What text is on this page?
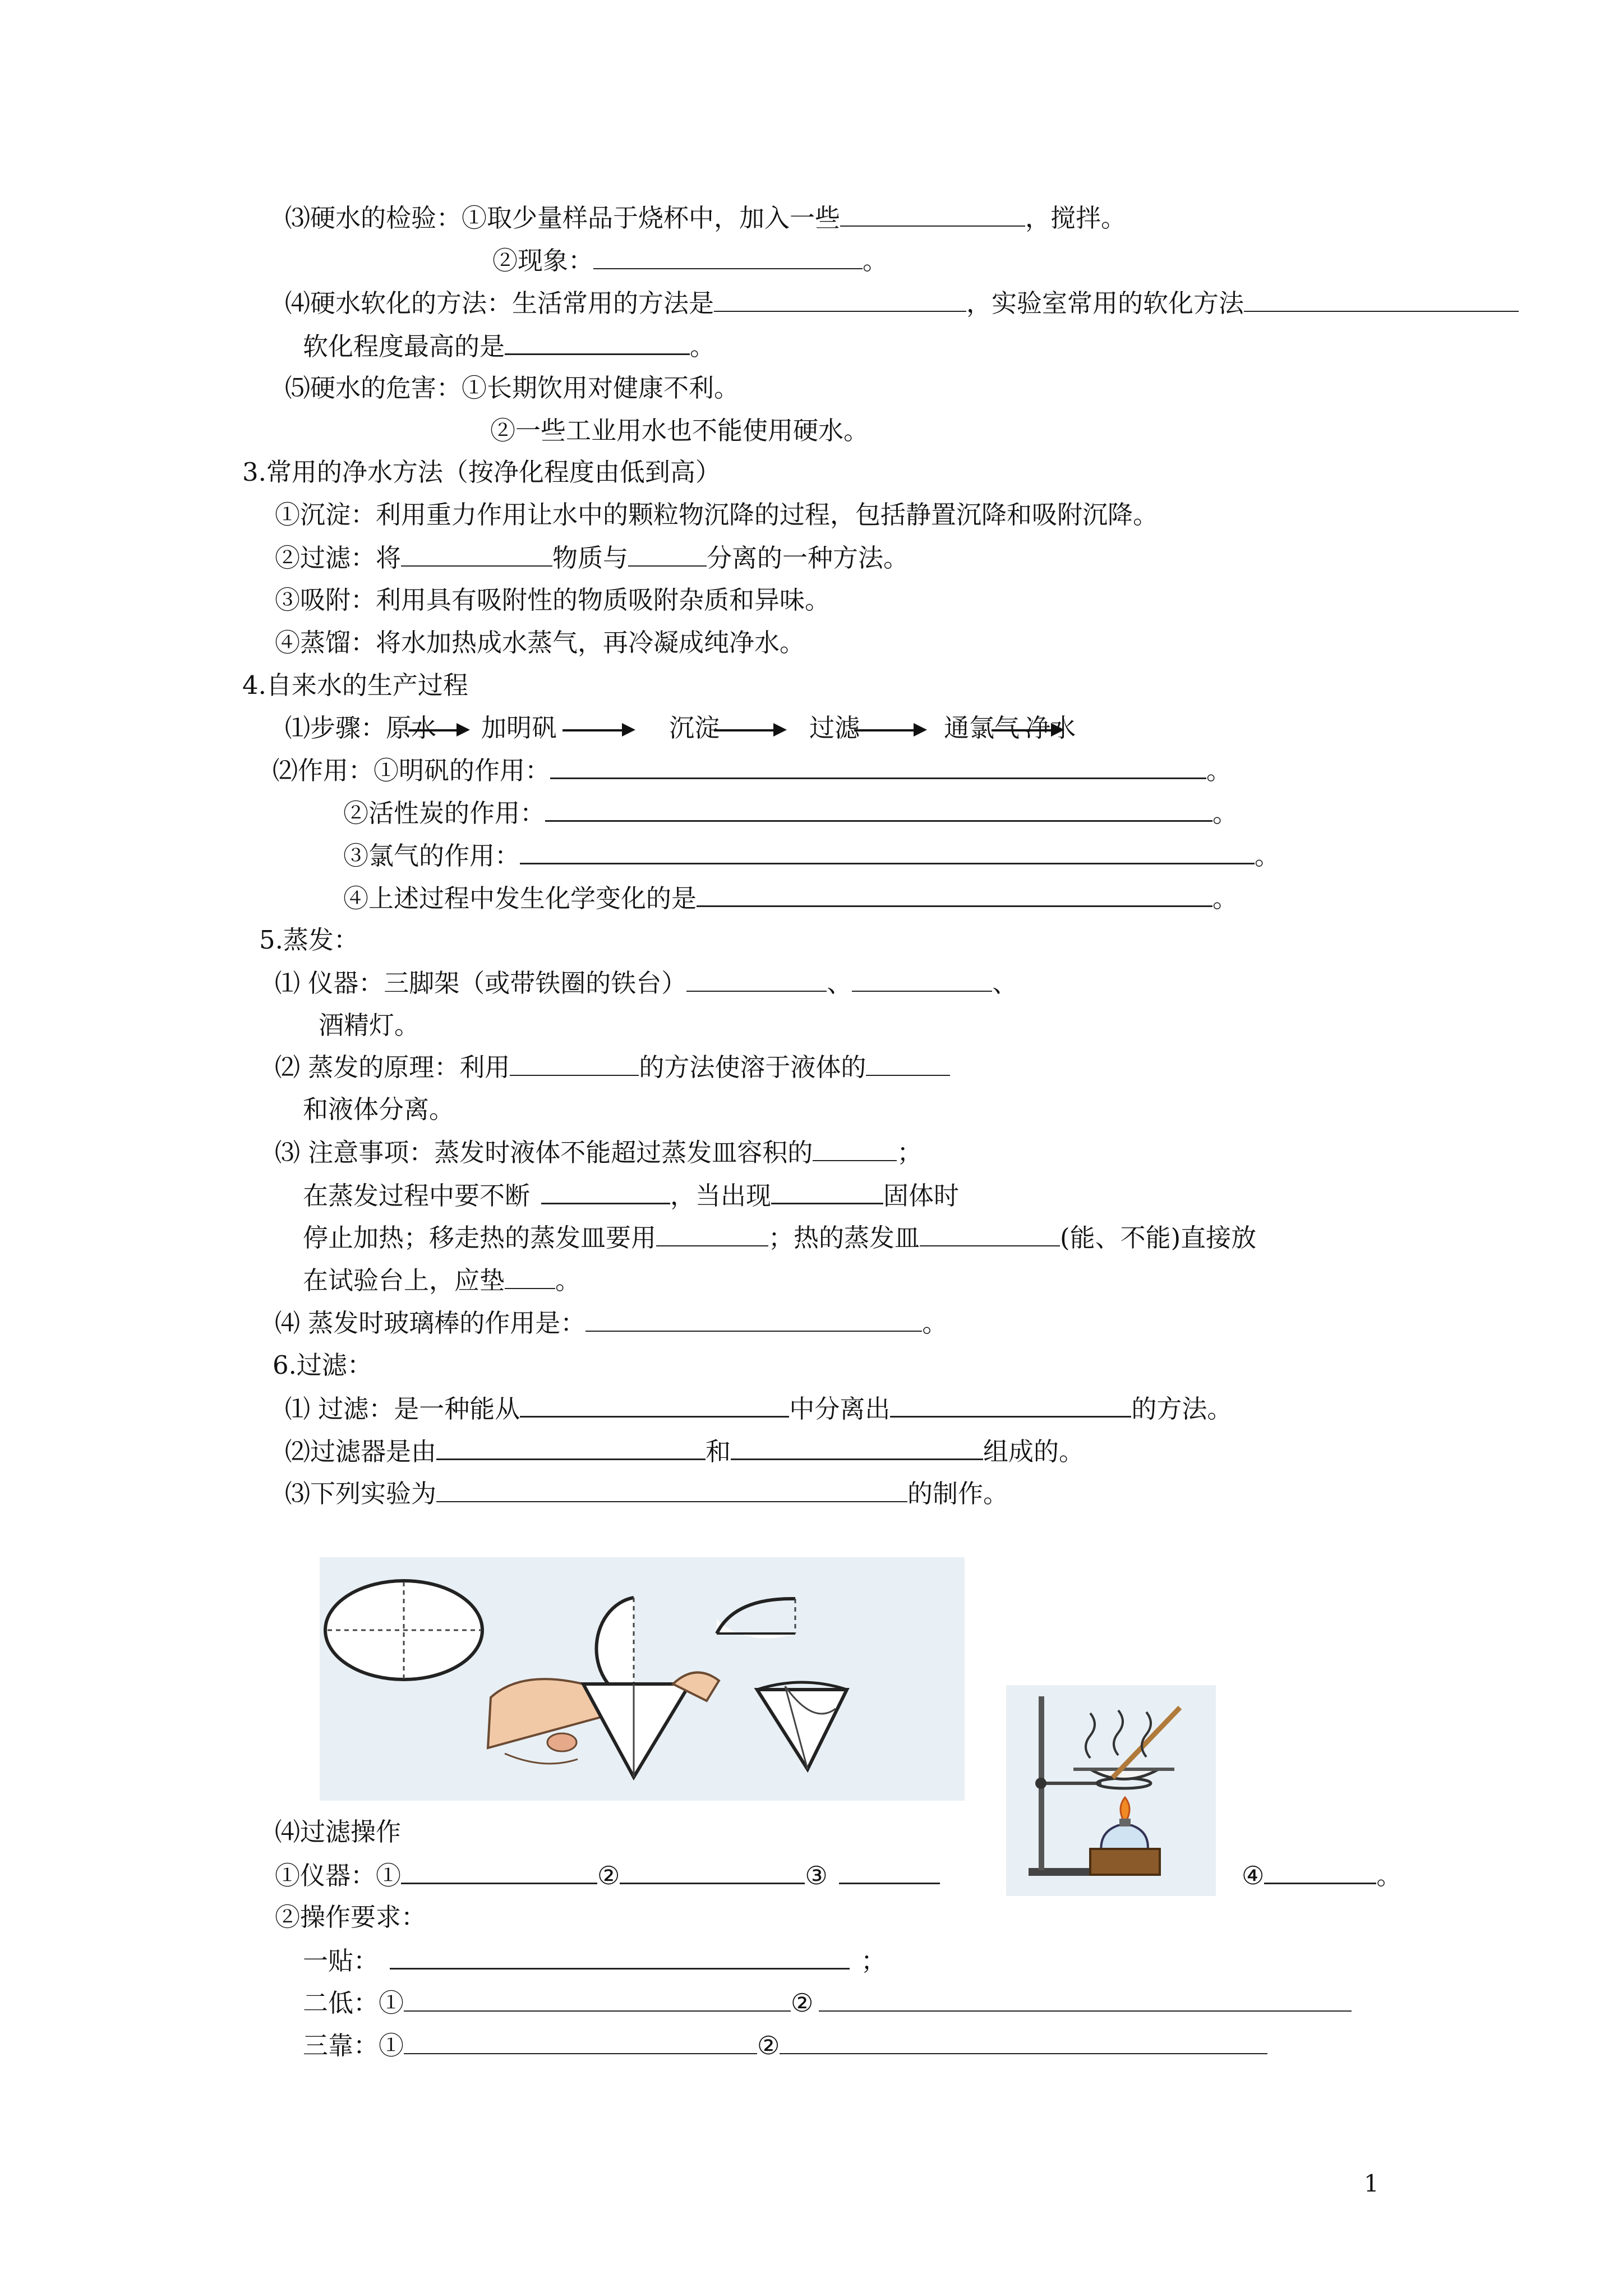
⑶硬水的检验：①取少量样品于烧杯中，加入一些	，搅拌。
②现象：	。
⑷硬水软化的方法：生活常用的方法是	，实验室常用的软化方法
软化程度最高的是	。
⑸硬水的危害：①长期饮用对健康不利。
②一些工业用水也不能使用硬水。
3.常用的净水方法（按净化程度由低到高）
①沉淀：利用重力作用让水中的颗粒物沉降的过程，包括静置沉降和吸附沉降。
②过滤：将	物质与	分离的一种方法。
③吸附：利用具有吸附性的物质吸附杂质和异味。
④蒸馏：将水加热成水蒸气，再冷凝成纯净水。
4.自来水的生产过程
⑴步骤：原水 加明矾	沉淀	过滤	通氯气 净水
⑵作用：①明矾的作用：	。
②活性炭的作用：	。
③氯气的作用：	。
④上述过程中发生化学变化的是	。
5.蒸发：
⑴ 仪器：三脚架（或带铁圈的铁台）	、	、
酒精灯。
⑵ 蒸发的原理：利用	的方法使溶于液体的
和液体分离。
⑶ 注意事项：蒸发时液体不能超过蒸发皿容积的	；
在蒸发过程中要不断	，当出现	固体时
停止加热；移走热的蒸发皿要用	；热的蒸发皿	(能、不能)直接放
在试验台上，应垫 。
⑷ 蒸发时玻璃棒的作用是：	。
6.过滤：
⑴ 过滤：是一种能从	中分离出	的方法。
⑵过滤器是由	和	组成的。
⑶下列实验为	的制作。
⑷过滤操作
①仪器：①	②	③	④	。
②操作要求：
一贴：	；
二低：①	②
三靠：①	②
1
